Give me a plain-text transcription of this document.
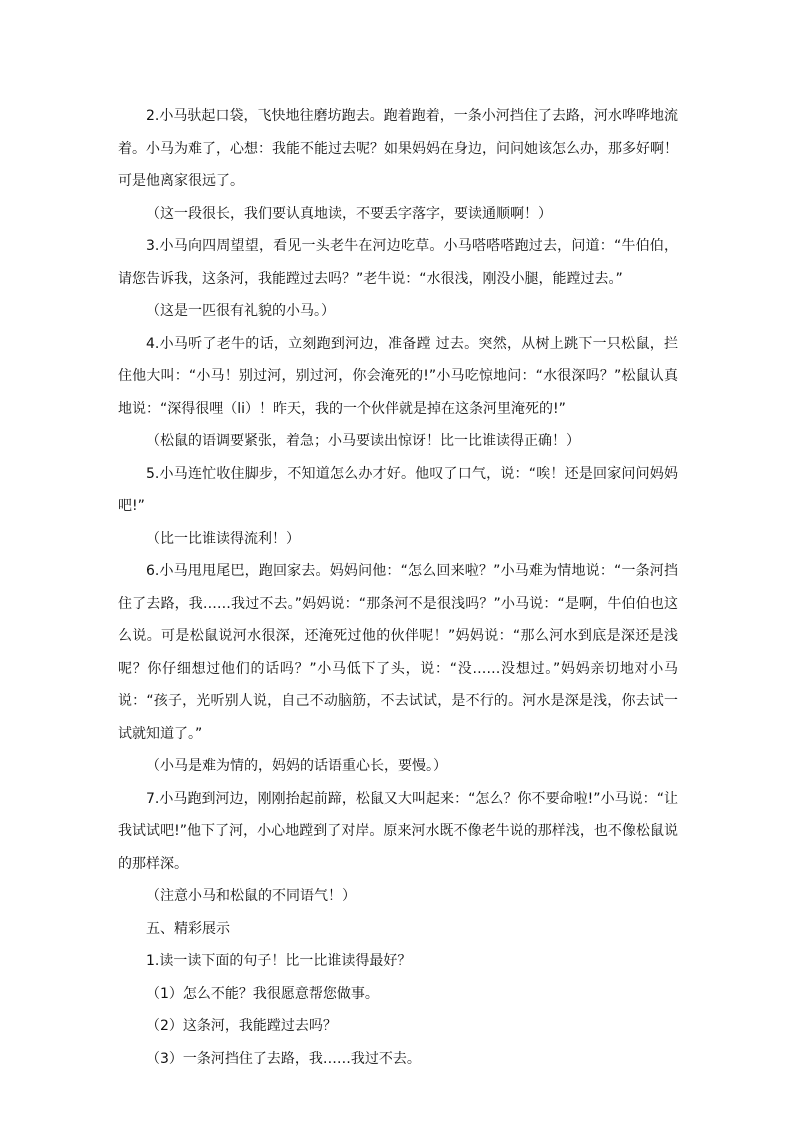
2.小马驮起口袋，飞快地往磨坊跑去。跑着跑着，一条小河挡住了去路，河水哗哗地流着。小马为难了，心想：我能不能过去呢？如果妈妈在身边，问问她该怎么办，那多好啊！可是他离家很远了。

（这一段很长，我们要认真地读，不要丢字落字，要读通顺啊！）

3.小马向四周望望，看见一头老牛在河边吃草。小马嗒嗒嗒跑过去，问道：“牛伯伯，请您告诉我，这条河，我能蹚过去吗？”老牛说：“水很浅，刚没小腿，能蹚过去。”

（这是一匹很有礼貌的小马。）

4.小马听了老牛的话，立刻跑到河边，准备蹚 过去。突然，从树上跳下一只松鼠，拦住他大叫：“小马！别过河，别过河，你会淹死的!”小马吃惊地问：“水很深吗？”松鼠认真地说：“深得很哩（li）！昨天，我的一个伙伴就是掉在这条河里淹死的!”

（松鼠的语调要紧张，着急；小马要读出惊讶！比一比谁读得正确！）

5.小马连忙收住脚步，不知道怎么办才好。他叹了口气，说：“唉！还是回家问问妈妈吧!”

（比一比谁读得流利！）

6.小马甩甩尾巴，跑回家去。妈妈问他：“怎么回来啦？”小马难为情地说：“一条河挡住了去路，我……我过不去。”妈妈说：“那条河不是很浅吗？”小马说：“是啊，牛伯伯也这么说。可是松鼠说河水很深，还淹死过他的伙伴呢！”妈妈说：“那么河水到底是深还是浅呢？你仔细想过他们的话吗？”小马低下了头，说：“没……没想过。”妈妈亲切地对小马说：“孩子，光听别人说，自己不动脑筋，不去试试，是不行的。河水是深是浅，你去试一试就知道了。”

（小马是难为情的，妈妈的话语重心长，要慢。）

7.小马跑到河边，刚刚抬起前蹄，松鼠又大叫起来：“怎么？你不要命啦!”小马说：“让我试试吧!”他下了河，小心地蹚到了对岸。原来河水既不像老牛说的那样浅，也不像松鼠说的那样深。

（注意小马和松鼠的不同语气！）

五、精彩展示

1.读一读下面的句子！比一比谁读得最好？

（1）怎么不能？我很愿意帮您做事。

（2）这条河，我能蹚过去吗？

（3）一条河挡住了去路，我……我过不去。
